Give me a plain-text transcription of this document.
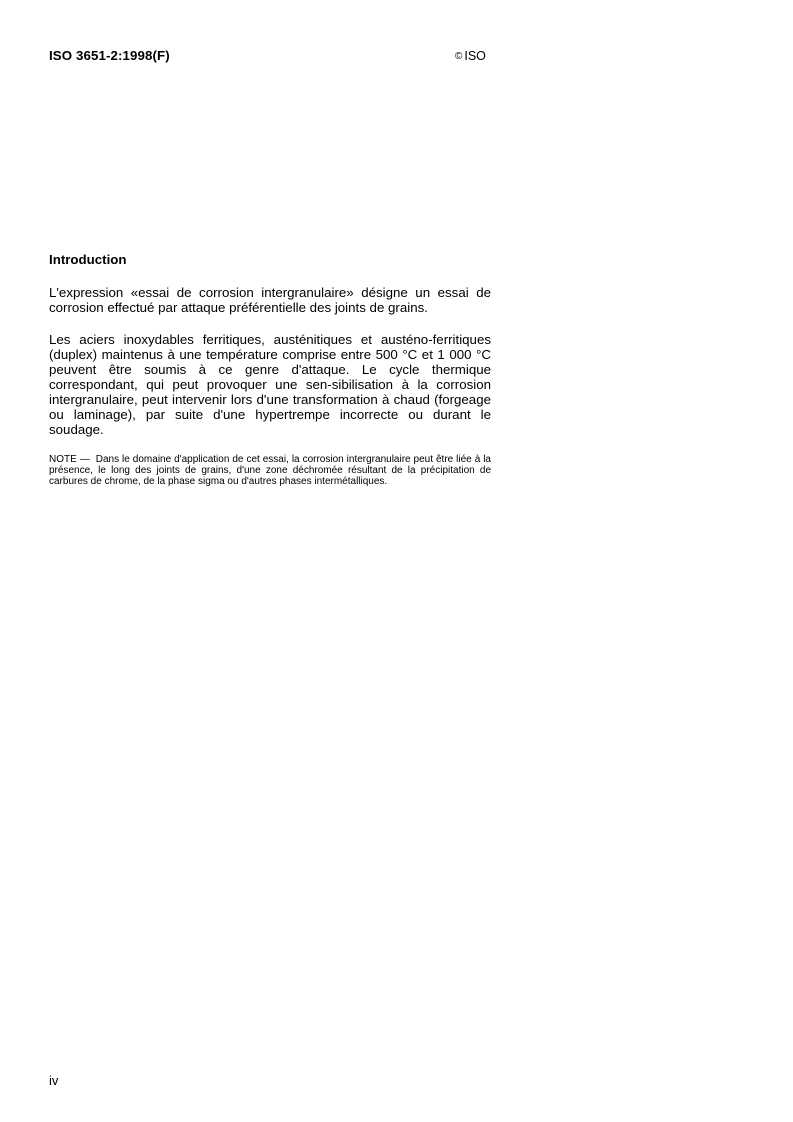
ISO 3651-2:1998(F)	© ISO
Introduction

L'expression «essai de corrosion intergranulaire» désigne un essai de corrosion effectué par attaque préférentielle des joints de grains.

Les aciers inoxydables ferritiques, austénitiques et austéno-ferritiques (duplex) maintenus à une température comprise entre 500 °C et 1 000 °C peuvent être soumis à ce genre d'attaque. Le cycle thermique correspondant, qui peut provoquer une sen-sibilisation à la corrosion intergranulaire, peut intervenir lors d'une transformation à chaud (forgeage ou laminage), par suite d'une hypertrempe incorrecte ou durant le soudage.

NOTE — Dans le domaine d'application de cet essai, la corrosion intergranulaire peut être liée à la présence, le long des joints de grains, d'une zone déchromée résultant de la précipitation de carbures de chrome, de la phase sigma ou d'autres phases intermétalliques.

iv
